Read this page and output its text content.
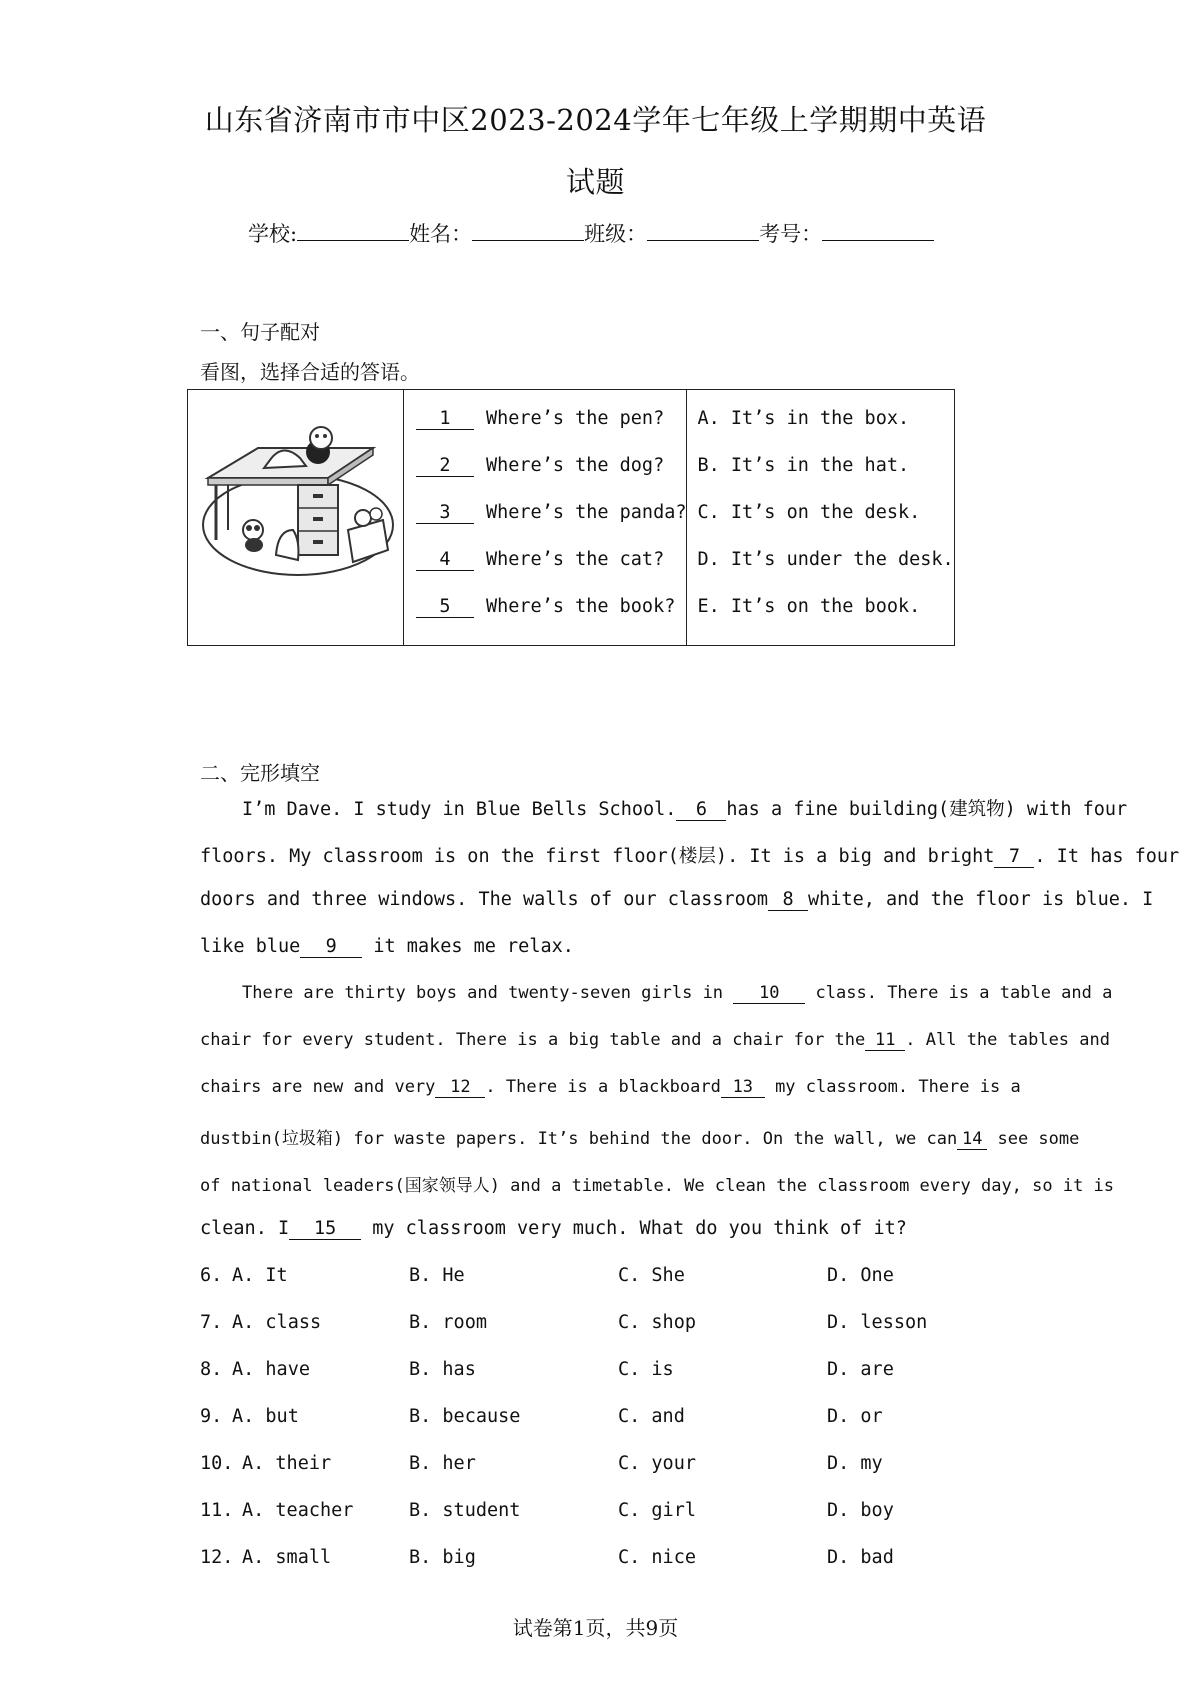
山东省济南市市中区2023-2024学年七年级上学期期中英语
试题
学校:	姓名：	班级：	考号：
一、句子配对
看图，选择合适的答语。

1	Where’s the pen?
2	Where’s the dog?
3	Where’s the panda?
4	Where’s the cat?
5	Where’s the book?

A. It’s in the box.
B. It’s in the hat.
C. It’s on the desk.
D. It’s under the desk.
E. It’s on the book.
二、完形填空
I’m Dave. I study in Blue Bells School. 6 has a fine building(建筑物) with four
floors. My classroom is on the first floor(楼层). It is a big and bright 7 . It has four
doors and three windows. The walls of our classroom 8 white, and the floor is blue. I
like blue 9 it makes me relax.
There are thirty boys and twenty-seven girls in 10 class. There is a table and a
chair for every student. There is a big table and a chair for the 11 . All the tables and
chairs are new and very 12 . There is a blackboard 13 my classroom. There is a
dustbin(垃圾箱) for waste papers. It’s behind the door. On the wall, we can 14 see some
of national leaders(国家领导人) and a timetable. We clean the classroom every day, so it is
clean. I 15 my classroom very much. What do you think of it?
6. A. It	B. He	C. She	D. One
7. A. class	B. room	C. shop	D. lesson
8. A. have	B. has	C. is	D. are
9. A. but	B. because	C. and	D. or
10. A. their	B. her	C. your	D. my
11. A. teacher	B. student	C. girl	D. boy
12. A. small	B. big	C. nice	D. bad
试卷第1页，共9页
